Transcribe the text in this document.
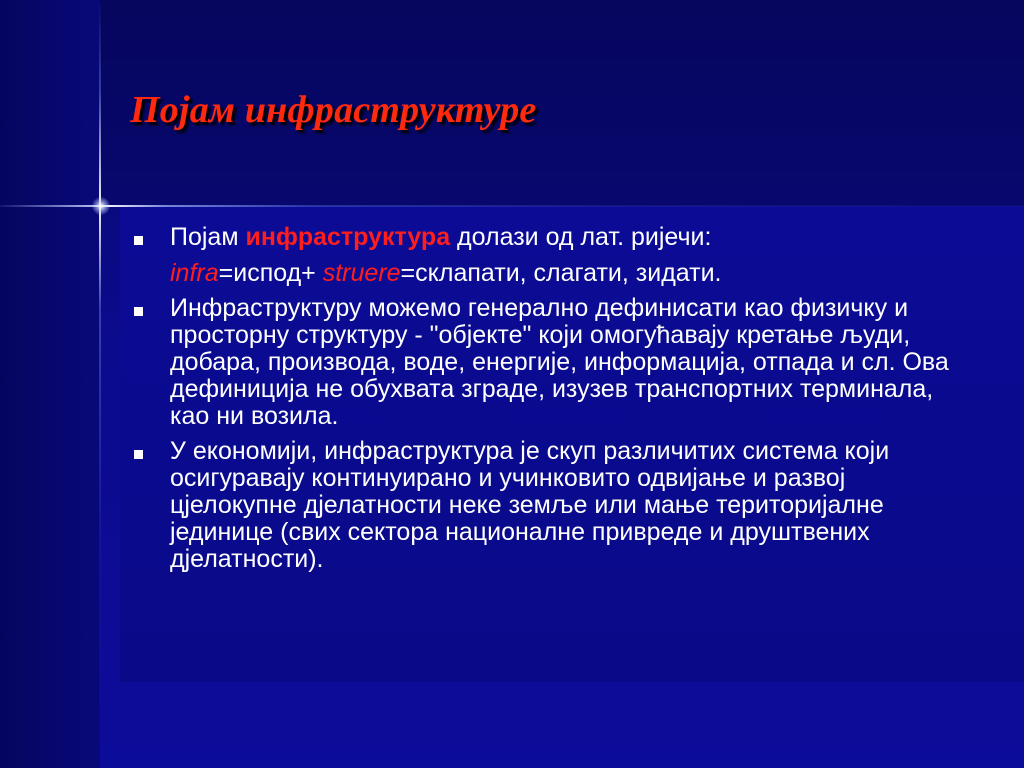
Појам инфраструктуре
Појам инфраструктура долази од лат. ријечи:
infra=испод+ struere=склапати, слагати, зидати.
Инфраструктуру можемо генерално дефинисати као физичку и просторну структуру - "објекте" који омогућавају кретање људи, добара, производа, воде, енергије, информација, отпада и сл. Ова дефиниција не обухвата зграде, изузев транспортних терминала, као ни возила.
У економији, инфраструктура је скуп различитих система који осигуравају континуирано и учинковито одвијање и развој цјелокупне дјелатности неке земље или мање територијалне јединице (свих сектора националне привреде и друштвених дјелатности).
